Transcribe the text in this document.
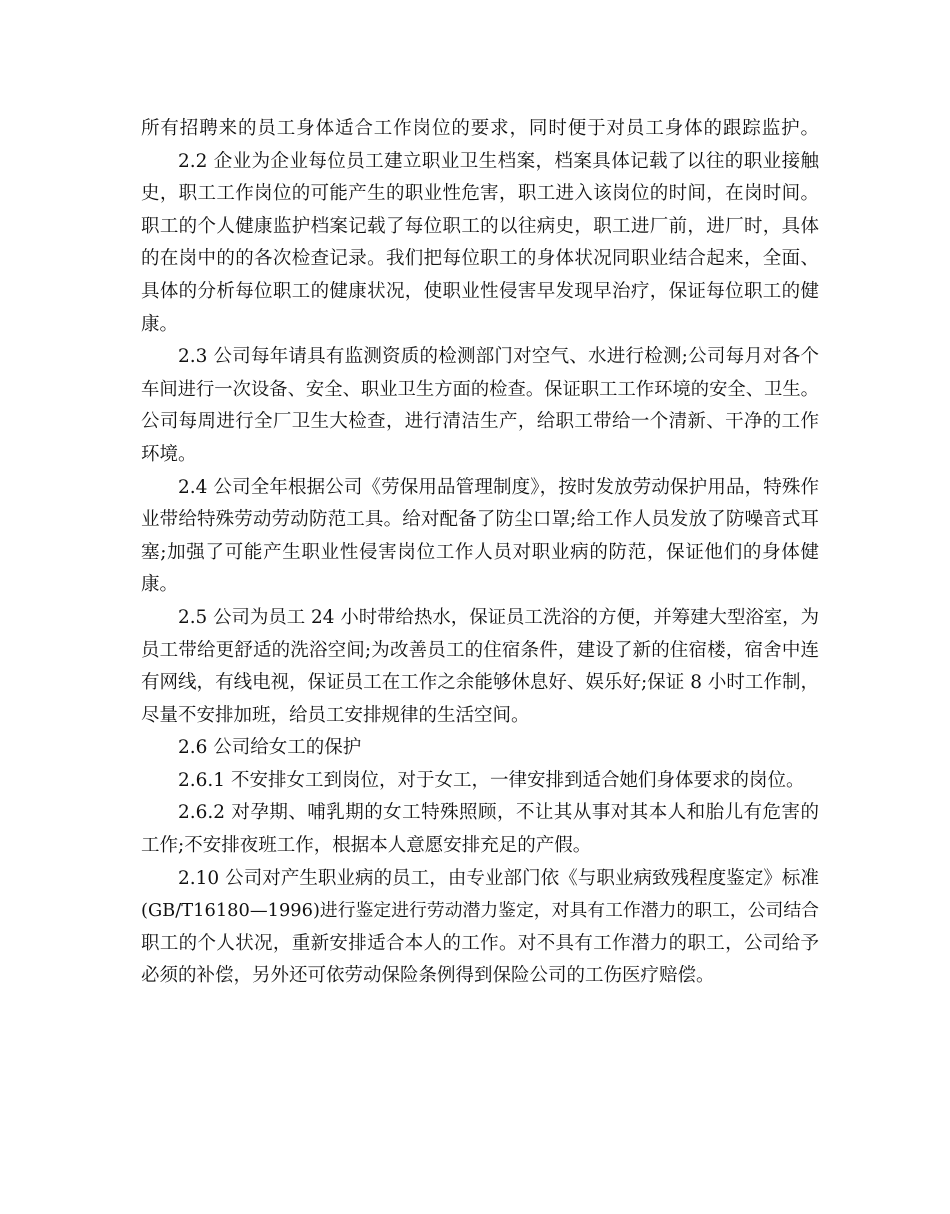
所有招聘来的员工身体适合工作岗位的要求，同时便于对员工身体的跟踪监护。
2.2 企业为企业每位员工建立职业卫生档案，档案具体记载了以往的职业接触
史，职工工作岗位的可能产生的职业性危害，职工进入该岗位的时间，在岗时间。
职工的个人健康监护档案记载了每位职工的以往病史，职工进厂前，进厂时，具体
的在岗中的的各次检查记录。我们把每位职工的身体状况同职业结合起来，全面、
具体的分析每位职工的健康状况，使职业性侵害早发现早治疗，保证每位职工的健
康。
2.3 公司每年请具有监测资质的检测部门对空气、水进行检测;公司每月对各个
车间进行一次设备、安全、职业卫生方面的检查。保证职工工作环境的安全、卫生。
公司每周进行全厂卫生大检查，进行清洁生产，给职工带给一个清新、干净的工作
环境。
2.4 公司全年根据公司《劳保用品管理制度》，按时发放劳动保护用品，特殊作
业带给特殊劳动劳动防范工具。给对配备了防尘口罩;给工作人员发放了防噪音式耳
塞;加强了可能产生职业性侵害岗位工作人员对职业病的防范，保证他们的身体健
康。
2.5 公司为员工 24 小时带给热水，保证员工洗浴的方便，并筹建大型浴室，为
员工带给更舒适的洗浴空间;为改善员工的住宿条件，建设了新的住宿楼，宿舍中连
有网线，有线电视，保证员工在工作之余能够休息好、娱乐好;保证 8 小时工作制，
尽量不安排加班，给员工安排规律的生活空间。
2.6 公司给女工的保护
2.6.1 不安排女工到岗位，对于女工，一律安排到适合她们身体要求的岗位。
2.6.2 对孕期、哺乳期的女工特殊照顾，不让其从事对其本人和胎儿有危害的
工作;不安排夜班工作，根据本人意愿安排充足的产假。
2.10 公司对产生职业病的员工，由专业部门依《与职业病致残程度鉴定》标准
(GB/T16180—1996)进行鉴定进行劳动潜力鉴定，对具有工作潜力的职工，公司结合
职工的个人状况，重新安排适合本人的工作。对不具有工作潜力的职工，公司给予
必须的补偿，另外还可依劳动保险条例得到保险公司的工伤医疗赔偿。
